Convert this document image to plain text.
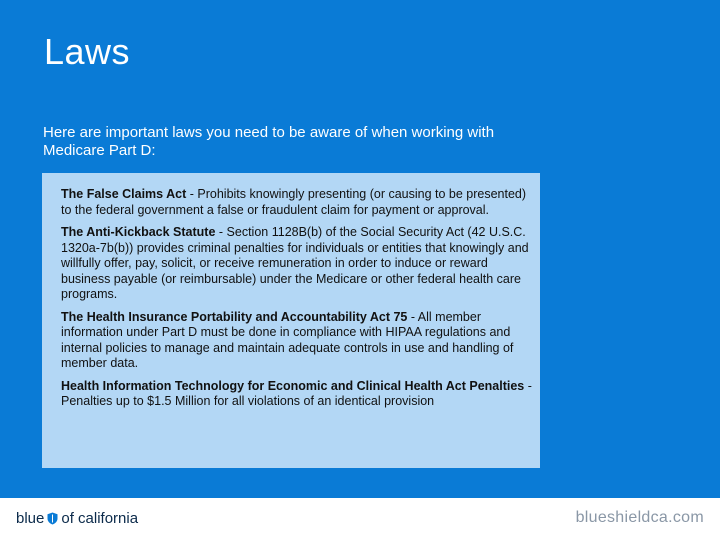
Laws

Here are important laws you need to be aware of when working with Medicare Part D:

The False Claims Act - Prohibits knowingly presenting (or causing to be presented) to the federal government a false or fraudulent claim for payment or approval.

The Anti-Kickback Statute - Section 1128B(b) of the Social Security Act (42 U.S.C. 1320a-7b(b)) provides criminal penalties for individuals or entities that knowingly and willfully offer, pay, solicit, or receive remuneration in order to induce or reward business payable (or reimbursable) under the Medicare or other federal health care programs.

The Health Insurance Portability and Accountability Act 75 - All member information under Part D must be done in compliance with HIPAA regulations and internal policies to manage and maintain adequate controls in use and handling of member data.

Health Information Technology for Economic and Clinical Health Act Penalties -Penalties up to $1.5 Million for all violations of an identical provision

blue of california	blueshieldca.com
